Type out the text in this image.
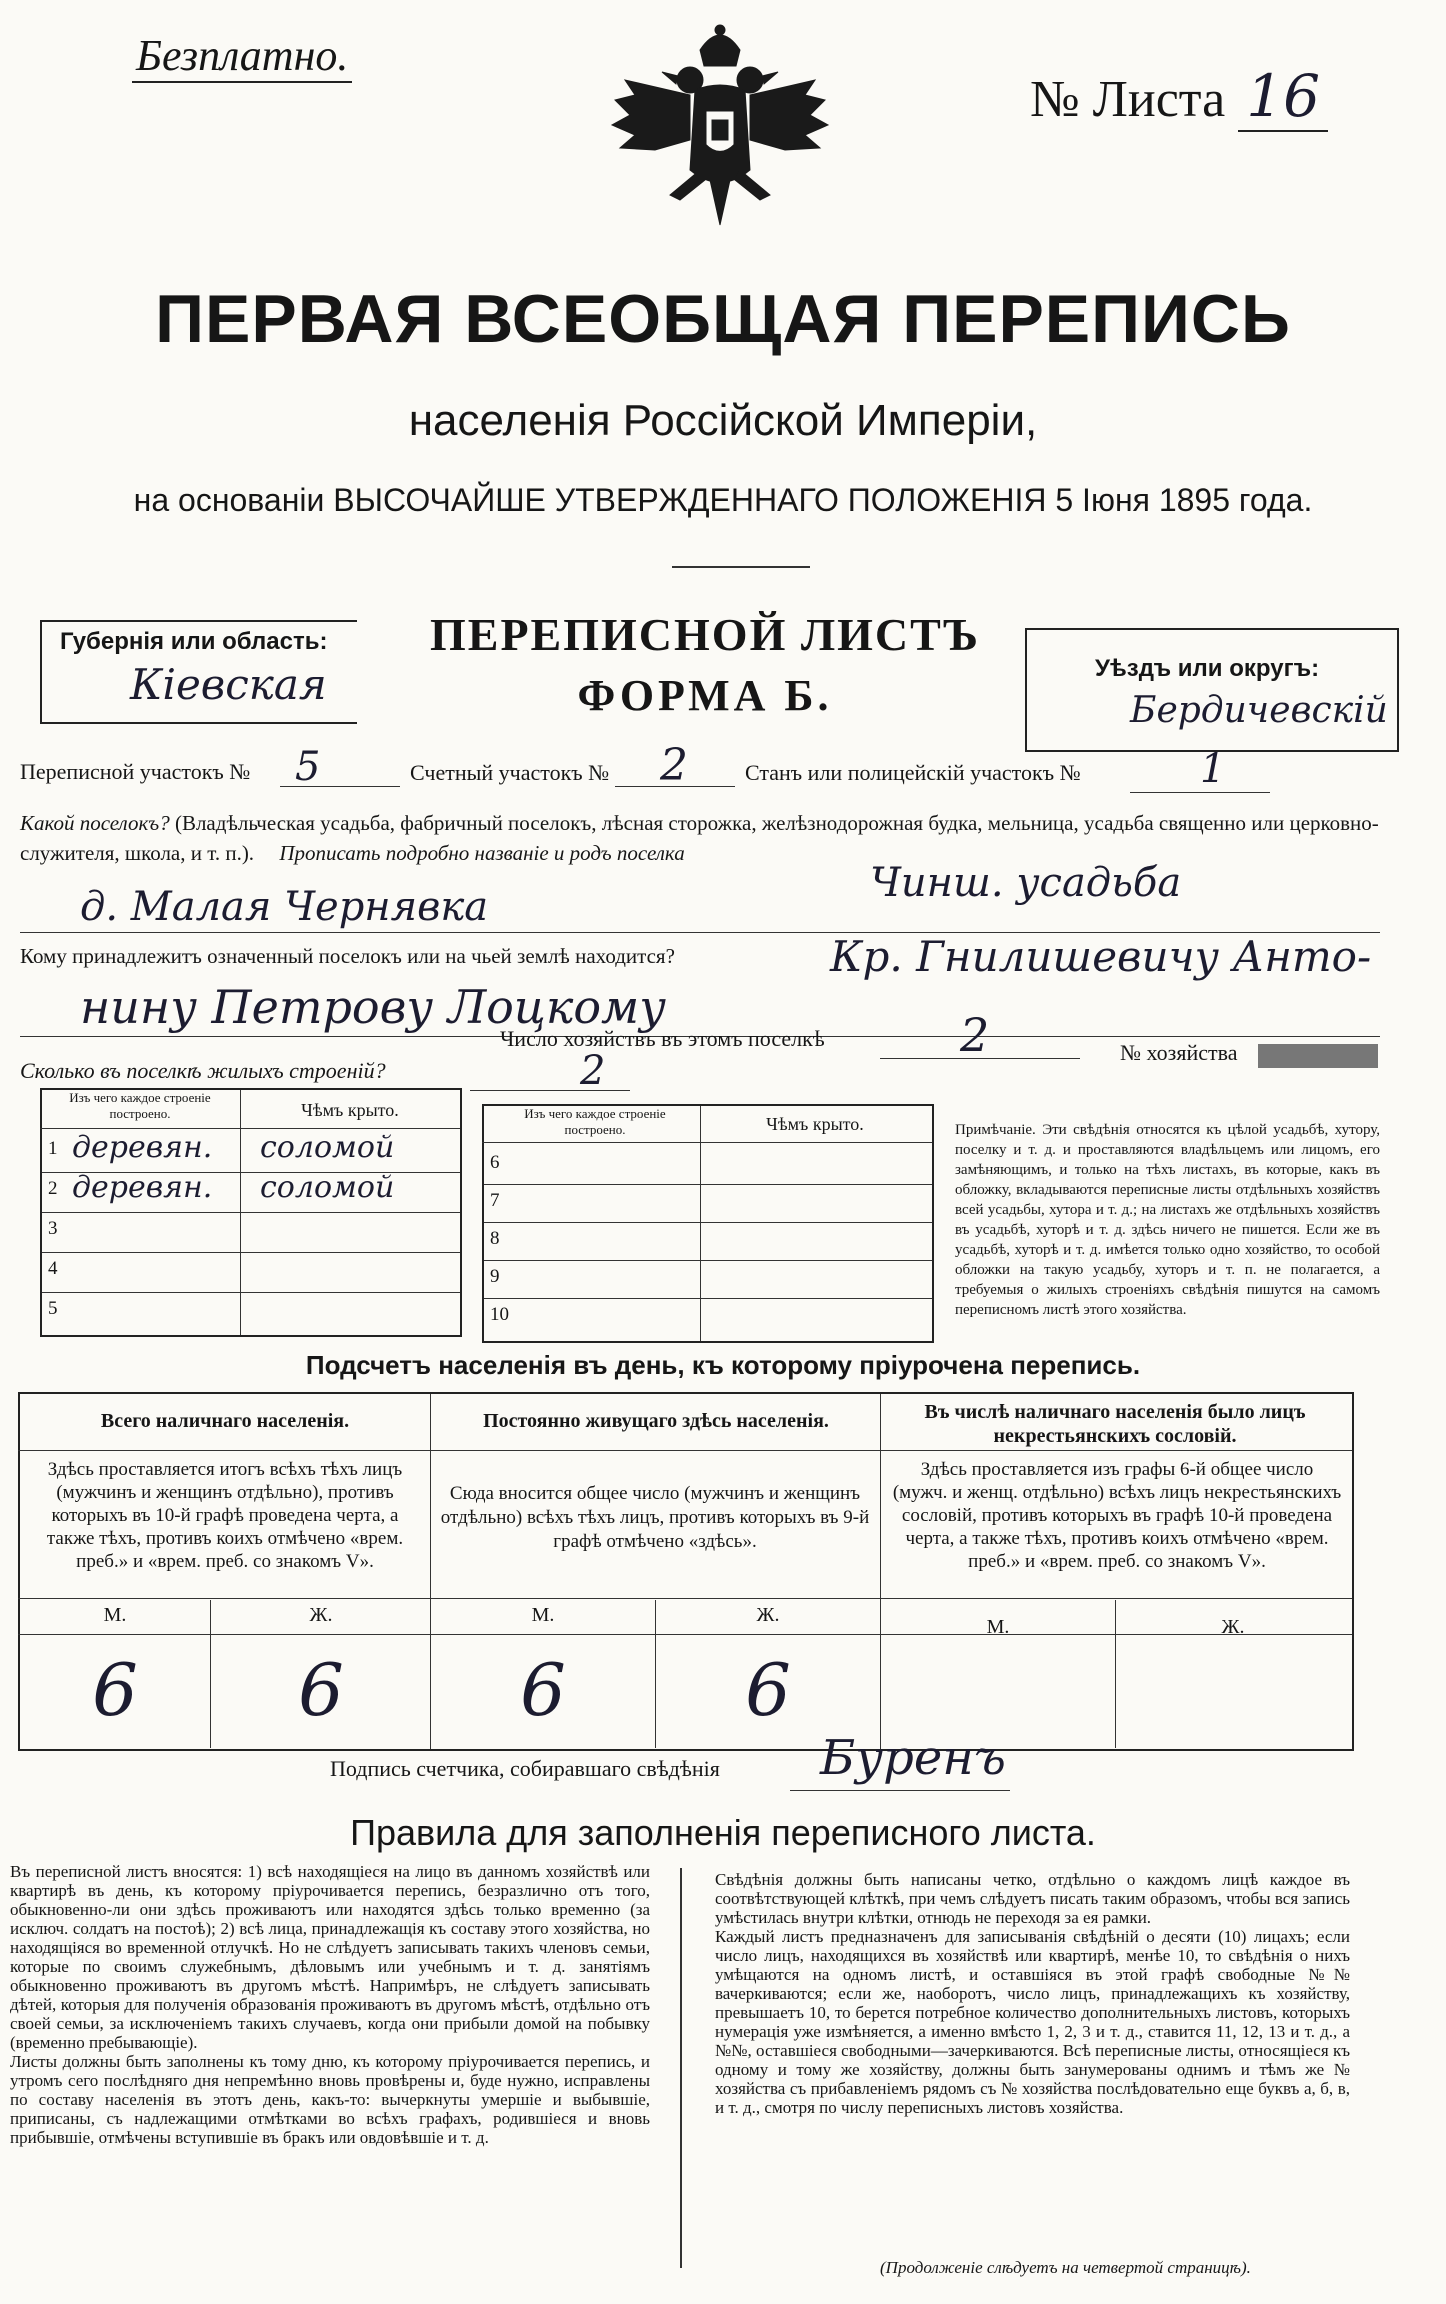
Безплатно.
№ Листа 16
ПЕРВАЯ ВСЕОБЩАЯ ПЕРЕПИСЬ
населенія Россійской Имперіи,
на основаніи ВЫСОЧАЙШЕ УТВЕРЖДЕННАГО ПОЛОЖЕНІЯ 5 Іюня 1895 года.
Губернія или область:
Кіевская
ПЕРЕПИСНОЙ ЛИСТЪ
ФОРМА Б.
Уѣздъ или округъ:
Бердичевскій
Переписной участокъ № 5	Счетный участокъ № 2	Станъ или полицейскій участокъ №	1
Какой поселокъ? (Владѣльческая усадьба, фабричный поселокъ, лѣсная сторожка, желѣзнодорожная будка, мельница, усадьба священно или церковно-служителя, школа, и т. п.). Прописать подробно названіе и родъ поселка
Чинш. усадьба
д. Малая Чернявка
Кому принадлежитъ означенный поселокъ или на чьей землѣ находится?	Кр. Гнилишевичу Анто-
нину Петрову Лоцкому
Число хозяйствъ въ этомъ поселкѣ	2	№ хозяйства
Сколько въ поселкѣ жилыхъ строеній?	2
Изъ чего каждое строеніе построено.	Чѣмъ крыто.	Изъ чего каждое строеніе построено.	Чѣмъ крыто.
1 деревян. соломой
2 деревян. соломой
3
4
5
6
7
8
9
10
Примѣчаніе. Эти свѣдѣнія относятся къ цѣлой усадьбѣ, хутору, поселку и т. д. и проставляются владѣльцемъ или лицомъ, его замѣняющимъ, и только на тѣхъ листахъ, въ которые, какъ въ обложку, вкладываются переписные листы отдѣльныхъ хозяйствъ всей усадьбы, хутора и т. д.; на листахъ же отдѣльныхъ хозяйствъ въ усадьбѣ, хуторѣ и т. д. здѣсь ничего не пишется. Если же въ усадьбѣ, хуторѣ и т. д. имѣется только одно хозяйство, то особой обложки на такую усадьбу, хуторъ и т. п. не полагается, а требуемыя о жилыхъ строеніяхъ свѣдѣнія пишутся на самомъ переписномъ листѣ этого хозяйства.
Подсчетъ населенія въ день, къ которому пріурочена перепись.
Всего наличнаго населенія.	Постоянно живущаго здѣсь населенія.	Въ числѣ наличнаго населенія было лицъ некрестьянскихъ сословій.
Здѣсь проставляется итогъ всѣхъ тѣхъ лицъ (мужчинъ и женщинъ отдѣльно), противъ которыхъ въ 10-й графѣ проведена черта, а также тѣхъ, противъ коихъ отмѣчено «врем. преб.» и «врем. преб. со знакомъ V».
Сюда вносится общее число (мужчинъ и женщинъ отдѣльно) всѣхъ тѣхъ лицъ, противъ которыхъ въ 9-й графѣ отмѣчено «здѣсь».
Здѣсь проставляется изъ графы 6-й общее число (мужч. и женщ. отдѣльно) всѣхъ лицъ некрестьянскихъ сословій, противъ которыхъ въ графѣ 10-й проведена черта, а также тѣхъ, противъ коихъ отмѣчено «врем. преб.» и «врем. преб. со знакомъ V».
М.	Ж.	М.	Ж.
М.	Ж.
6	6	6	6
Подпись счетчика, собиравшаго свѣдѣнія Буренъ
Правила для заполненія переписного листа.
Въ переписной листъ вносятся: 1) всѣ находящіеся на лицо въ данномъ хозяйствѣ или квартирѣ въ день, къ которому пріурочивается перепись, безразлично отъ того, обыкновенно-ли они здѣсь проживаютъ или находятся здѣсь только временно (за исключ. солдатъ на постоѣ); 2) всѣ лица, принадлежащія къ составу этого хозяйства, но находящіяся во временной отлучкѣ. Но не слѣдуетъ записывать такихъ членовъ семьи, которые по своимъ служебнымъ, дѣловымъ или учебнымъ и т. д. занятіямъ обыкновенно проживаютъ въ другомъ мѣстѣ. Напримѣръ, не слѣдуетъ записывать дѣтей, которыя для полученія образованія проживаютъ въ другомъ мѣстѣ, отдѣльно отъ своей семьи, за исключеніемъ такихъ случаевъ, когда они прибыли домой на побывку (временно пребывающіе).
Листы должны быть заполнены къ тому дню, къ которому пріурочивается перепись, и утромъ сего послѣдняго дня непремѣнно вновь провѣрены и, буде нужно, исправлены по составу населенія въ этотъ день, какъ-то: вычеркнуты умершіе и выбывшіе, приписаны, съ надлежащими отмѣтками во всѣхъ графахъ, родившіеся и вновь прибывшіе, отмѣчены вступившіе въ бракъ или овдовѣвшіе и т. д.
Свѣдѣнія должны быть написаны четко, отдѣльно о каждомъ лицѣ каждое въ соотвѣтствующей клѣткѣ, при чемъ слѣдуетъ писать таким образомъ, чтобы вся запись умѣстилась внутри клѣтки, отнюдь не переходя за ея рамки.
Каждый листъ предназначенъ для записыванія свѣдѣній о десяти (10) лицахъ; если число лицъ, находящихся въ хозяйствѣ или квартирѣ, менѣе 10, то свѣдѣнія о нихъ умѣщаются на одномъ листѣ, и оставшіяся въ этой графѣ свободные №№ вачеркиваются; если же, наоборотъ, число лицъ, принадлежащихъ къ хозяйству, превышаетъ 10, то берется потребное количество дополнительныхъ листовъ, которыхъ нумерація уже измѣняется, а именно вмѣсто 1, 2, 3 и т. д., ставится 11, 12, 13 и т. д., а №№, оставшіеся свободными—зачеркиваются. Всѣ переписные листы, относящіеся къ одному и тому же хозяйству, должны быть занумерованы однимъ и тѣмъ же № хозяйства съ прибавленіемъ рядомъ съ № хозяйства послѣдовательно еще буквъ а, б, в, и т. д., смотря по числу переписныхъ листовъ хозяйства.
(Продолженіе слѣдуетъ на четвертой страницѣ).
